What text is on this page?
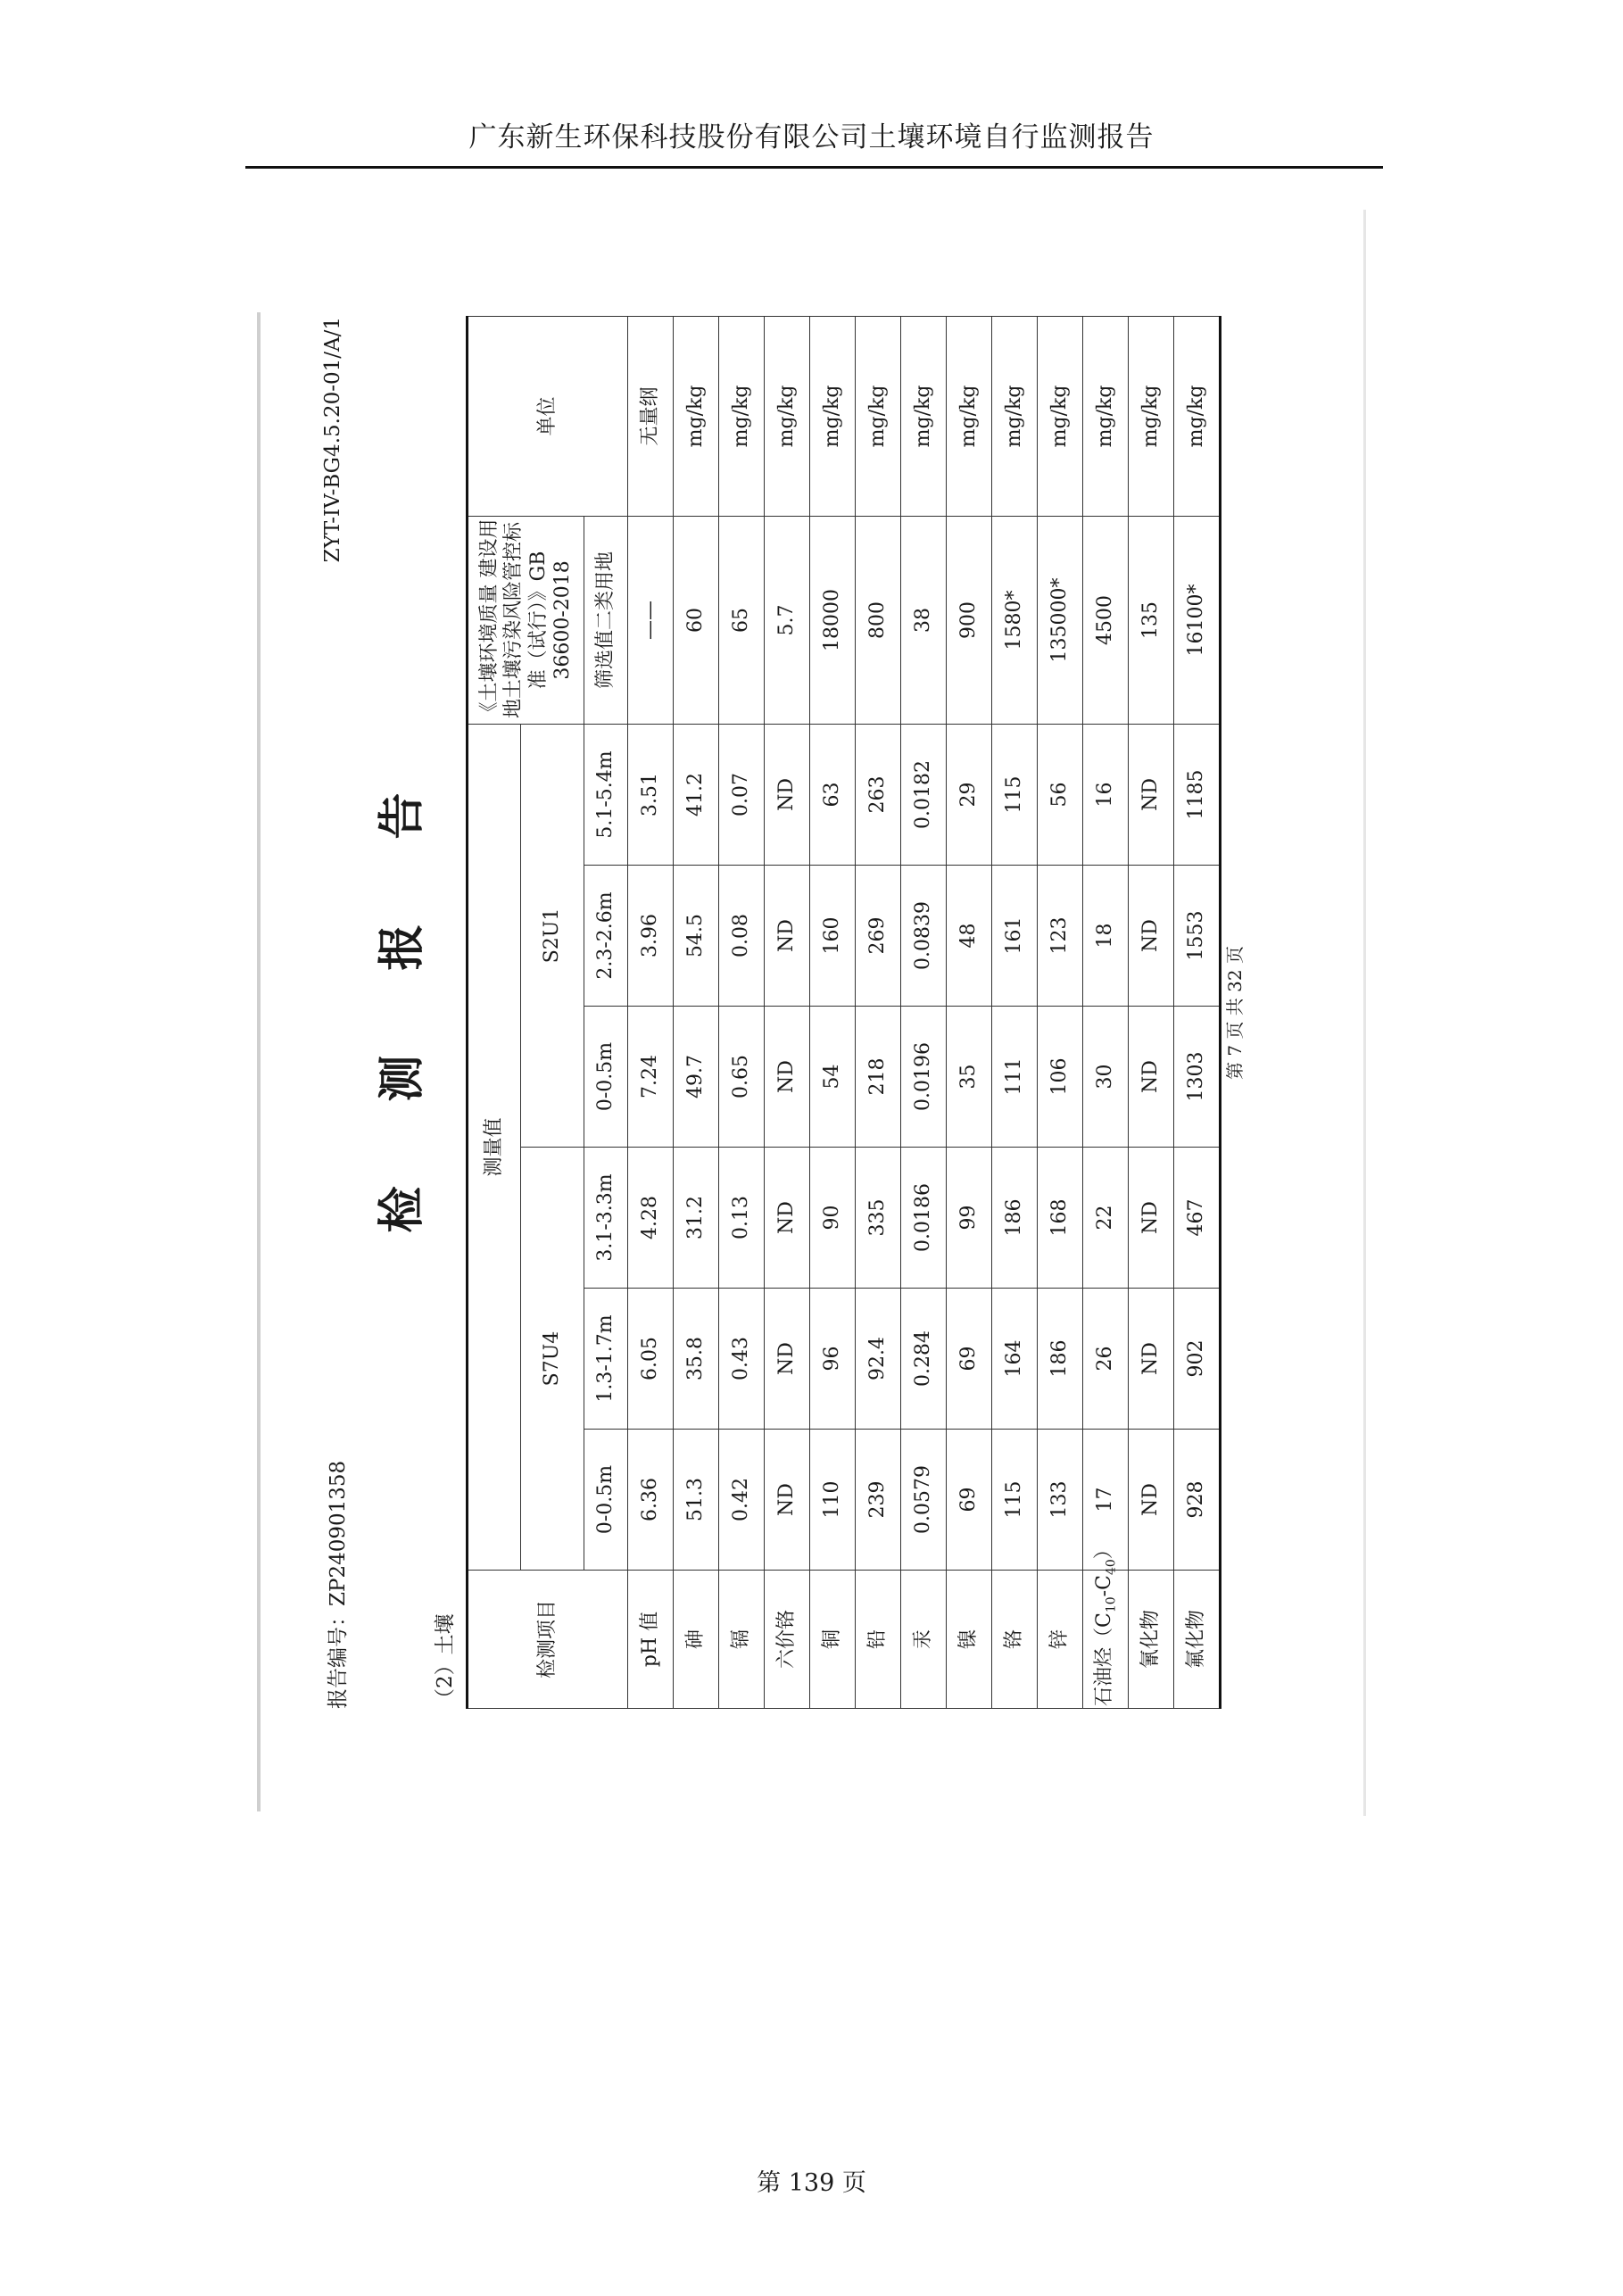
广东新生环保科技股份有限公司土壤环境自行监测报告
报告编号：ZP240901358
ZYT-IV-BG4.5.20-01/A/1
检测报告
（2）土壤	检测项目	测量值						《土壤环境质量 建设用地土壤污染风险管控标准（试行）》GB 36600-2018	单位
	S7U4			S2U1				
	0-0.5m	1.3-1.7m	3.1-3.3m	0-0.5m	2.3-2.6m	5.1-5.4m	筛选值二类用地	
pH 值	6.36	6.05	4.28	7.24	3.96	3.51	——	无量纲
砷	51.3	35.8	31.2	49.7	54.5	41.2	60	mg/kg
镉	0.42	0.43	0.13	0.65	0.08	0.07	65	mg/kg
六价铬	ND	ND	ND	ND	ND	ND	5.7	mg/kg
铜	110	96	90	54	160	63	18000	mg/kg
铅	239	92.4	335	218	269	263	800	mg/kg
汞	0.0579	0.284	0.0186	0.0196	0.0839	0.0182	38	mg/kg
镍	69	69	99	35	48	29	900	mg/kg
铬	115	164	186	111	161	115	1580*	mg/kg
锌	133	186	168	106	123	56	135000*	mg/kg
石油烃$(C_{10}-C_{40})$	17	26	22	30	18	16	4500	mg/kg
氰化物	ND	ND	ND	ND	ND	ND	135	mg/kg
氟化物	928	902	467	1303	1553	1185	16100*	mg/kg
第 7 页 共 32 页
第 139 页
